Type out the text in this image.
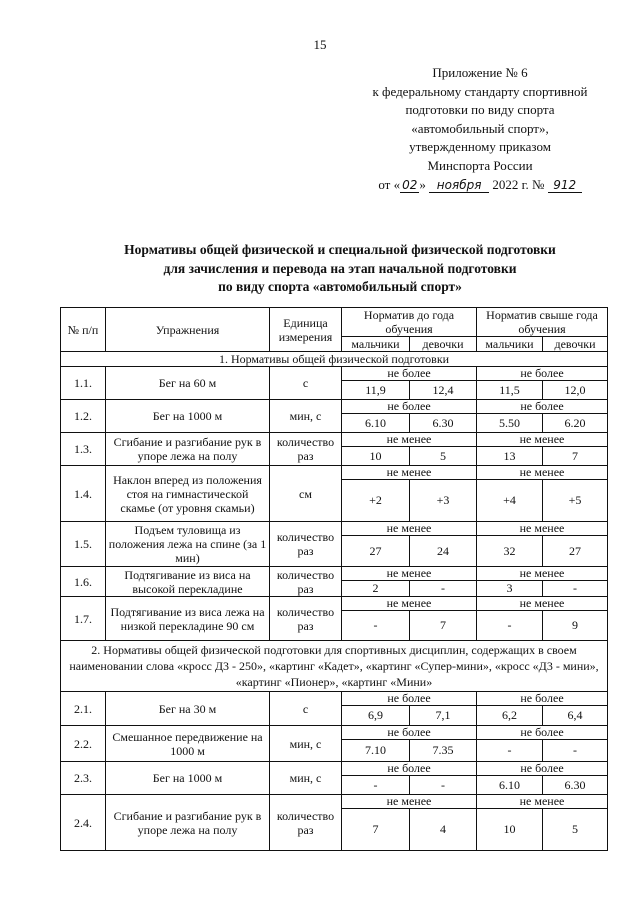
15
Приложение № 6
к федеральному стандарту спортивной
подготовки по виду спорта
«автомобильный спорт»,
утвержденному приказом
Минспорта России
от « 02 » ноября 2022 г. № 912
Нормативы общей физической и специальной физической подготовки
для зачисления и перевода на этап начальной подготовки
по виду спорта «автомобильный спорт»
№ п/п	Упражнения	Единица измерения	Норматив до года обучения		Норматив свыше года обучения	
			мальчики	девочки	мальчики	девочки
1. Нормативы общей физической подготовки						
1.1.	Бег на 60 м	с	не более		не более	
			11,9	12,4	11,5	12,0
1.2.	Бег на 1000 м	мин, с	не более		не более	
			6.10	6.30	5.50	6.20
1.3.	Сгибание и разгибание рук в упоре лежа на полу	количество раз	не менее		не менее	
			10	5	13	7
1.4.	Наклон вперед из положения стоя на гимнастической скамье (от уровня скамьи)	см	не менее		не менее	
			+2	+3	+4	+5
1.5.	Подъем туловища из положения лежа на спине (за 1 мин)	количество раз	не менее		не менее	
			27	24	32	27
1.6.	Подтягивание из виса на высокой перекладине	количество раз	не менее		не менее	
			2	-	3	-
1.7.	Подтягивание из виса лежа на низкой перекладине 90 см	количество раз	не менее		не менее	
			-	7	-	9
2. Нормативы общей физической подготовки для спортивных дисциплин, содержащих в своем наименовании слова «кросс Д3 - 250», «картинг «Кадет», «картинг «Супер-мини», «кросс «Д3 - мини», «картинг «Пионер», «картинг «Мини»						
2.1.	Бег на 30 м	с	не более		не более	
			6,9	7,1	6,2	6,4
2.2.	Смешанное передвижение на 1000 м	мин, с	не более		не более	
			7.10	7.35	-	-
2.3.	Бег на 1000 м	мин, с	не более		не более	
			-	-	6.10	6.30
2.4.	Сгибание и разгибание рук в упоре лежа на полу	количество раз	не менее		не менее	
			7	4	10	5
